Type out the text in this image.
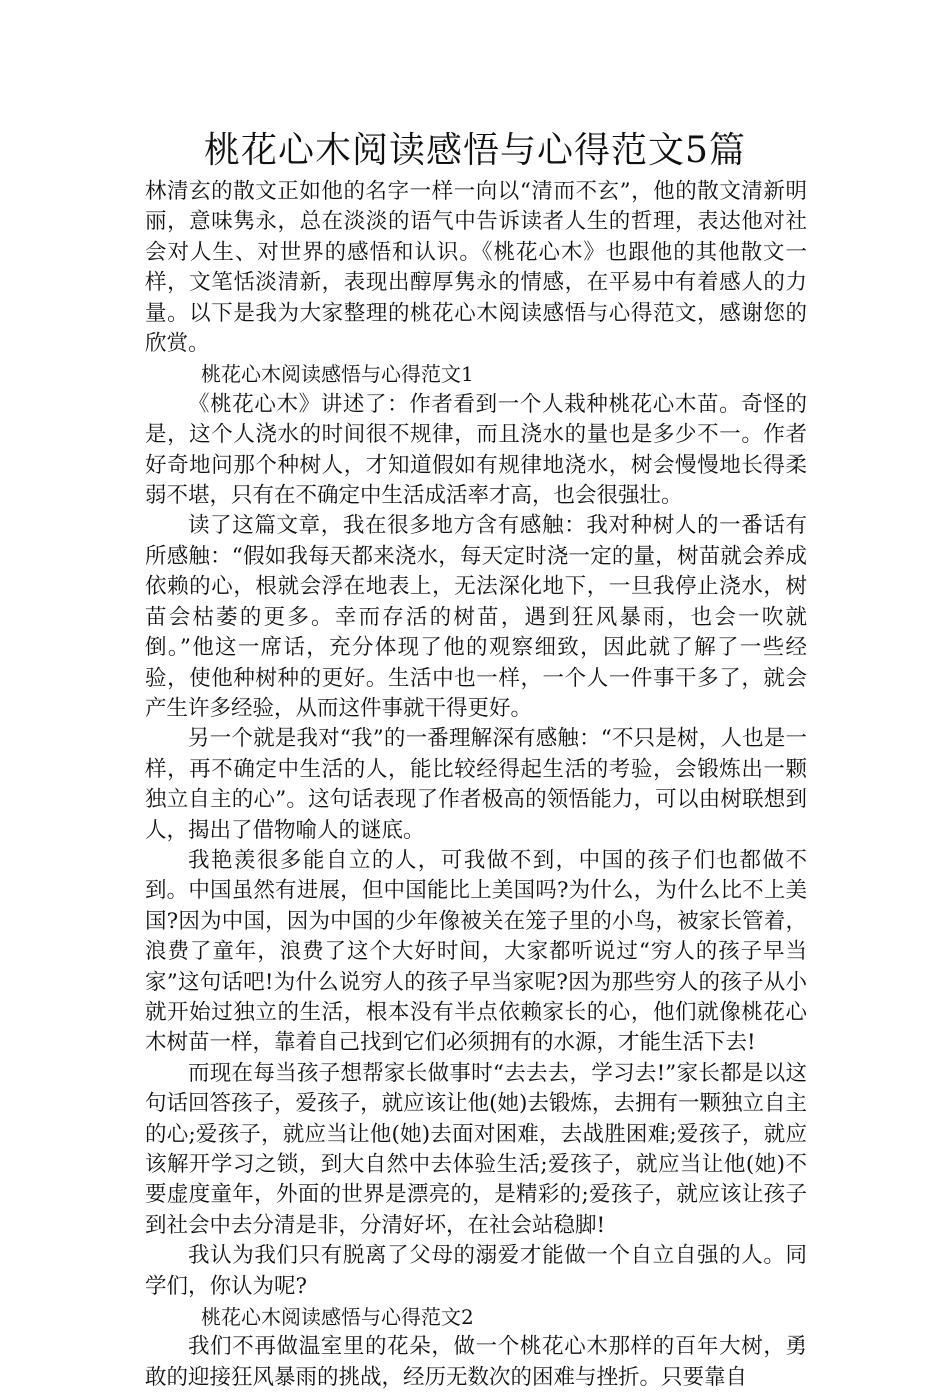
桃花心木阅读感悟与心得范文5篇

林清玄的散文正如他的名字一样一向以“清而不玄”，他的散文清新明丽，意味隽永，总在淡淡的语气中告诉读者人生的哲理，表达他对社会对人生、对世界的感悟和认识。《桃花心木》也跟他的其他散文一样，文笔恬淡清新，表现出醇厚隽永的情感，在平易中有着感人的力量。以下是我为大家整理的桃花心木阅读感悟与心得范文，感谢您的欣赏。

桃花心木阅读感悟与心得范文1

《桃花心木》讲述了：作者看到一个人栽种桃花心木苗。奇怪的是，这个人浇水的时间很不规律，而且浇水的量也是多少不一。作者好奇地问那个种树人，才知道假如有规律地浇水，树会慢慢地长得柔弱不堪，只有在不确定中生活成活率才高，也会很强壮。

读了这篇文章，我在很多地方含有感触：我对种树人的一番话有所感触：“假如我每天都来浇水，每天定时浇一定的量，树苗就会养成依赖的心，根就会浮在地表上，无法深化地下，一旦我停止浇水，树苗会枯萎的更多。幸而存活的树苗，遇到狂风暴雨，也会一吹就倒。”他这一席话，充分体现了他的观察细致，因此就了解了一些经验，使他种树种的更好。生活中也一样，一个人一件事干多了，就会产生许多经验，从而这件事就干得更好。

另一个就是我对“我”的一番理解深有感触：“不只是树，人也是一样，再不确定中生活的人，能比较经得起生活的考验，会锻炼出一颗独立自主的心”。这句话表现了作者极高的领悟能力，可以由树联想到人，揭出了借物喻人的谜底。

我艳羡很多能自立的人，可我做不到，中国的孩子们也都做不到。中国虽然有进展，但中国能比上美国吗?为什么，为什么比不上美国?因为中国，因为中国的少年像被关在笼子里的小鸟，被家长管着，浪费了童年，浪费了这个大好时间，大家都听说过“穷人的孩子早当家”这句话吧!为什么说穷人的孩子早当家呢?因为那些穷人的孩子从小就开始过独立的生活，根本没有半点依赖家长的心，他们就像桃花心木树苗一样，靠着自己找到它们必须拥有的水源，才能生活下去!

而现在每当孩子想帮家长做事时“去去去，学习去!”家长都是以这句话回答孩子，爱孩子，就应该让他(她)去锻炼，去拥有一颗独立自主的心;爱孩子，就应当让他(她)去面对困难，去战胜困难;爱孩子，就应该解开学习之锁，到大自然中去体验生活;爱孩子，就应当让他(她)不要虚度童年，外面的世界是漂亮的，是精彩的;爱孩子，就应该让孩子到社会中去分清是非，分清好坏，在社会站稳脚!

我认为我们只有脱离了父母的溺爱才能做一个自立自强的人。同学们，你认为呢?

桃花心木阅读感悟与心得范文2

我们不再做温室里的花朵，做一个桃花心木那样的百年大树，勇敢的迎接狂风暴雨的挑战，经历无数次的困难与挫折。只要靠自
